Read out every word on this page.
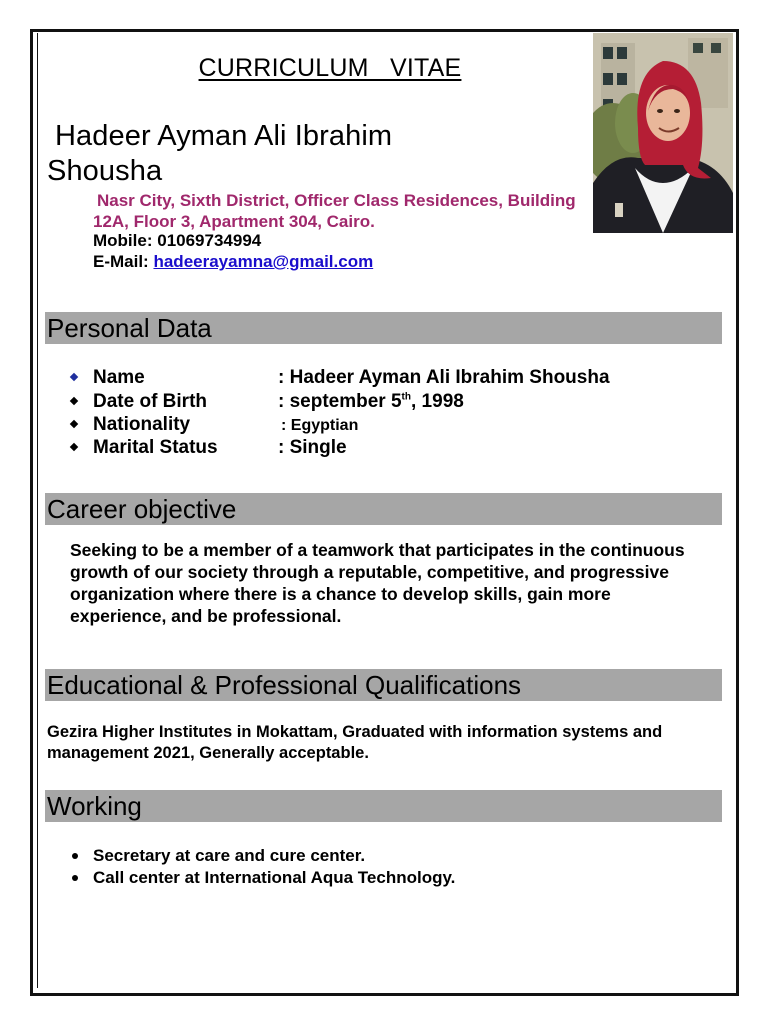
CURRICULUM   VITAE
Hadeer Ayman Ali Ibrahim
Shousha
Nasr City, Sixth District, Officer Class Residences, Building 12A, Floor 3, Apartment 304, Cairo.
Mobile: 01069734994
E-Mail: hadeerayamna@gmail.com
Personal Data
Name	: Hadeer Ayman Ali Ibrahim Shousha
Date of Birth	: september 5th, 1998
Nationality	: Egyptian
Marital Status	: Single
Career objective
Seeking to be a member of a teamwork that participates in the continuous growth of our society through a reputable, competitive, and progressive organization where there is a chance to develop skills, gain more experience, and be professional.
Educational & Professional Qualifications
Gezira Higher Institutes in Mokattam, Graduated with information systems and management 2021, Generally acceptable.
Working
Secretary at care and cure center.
Call center at International Aqua Technology.
